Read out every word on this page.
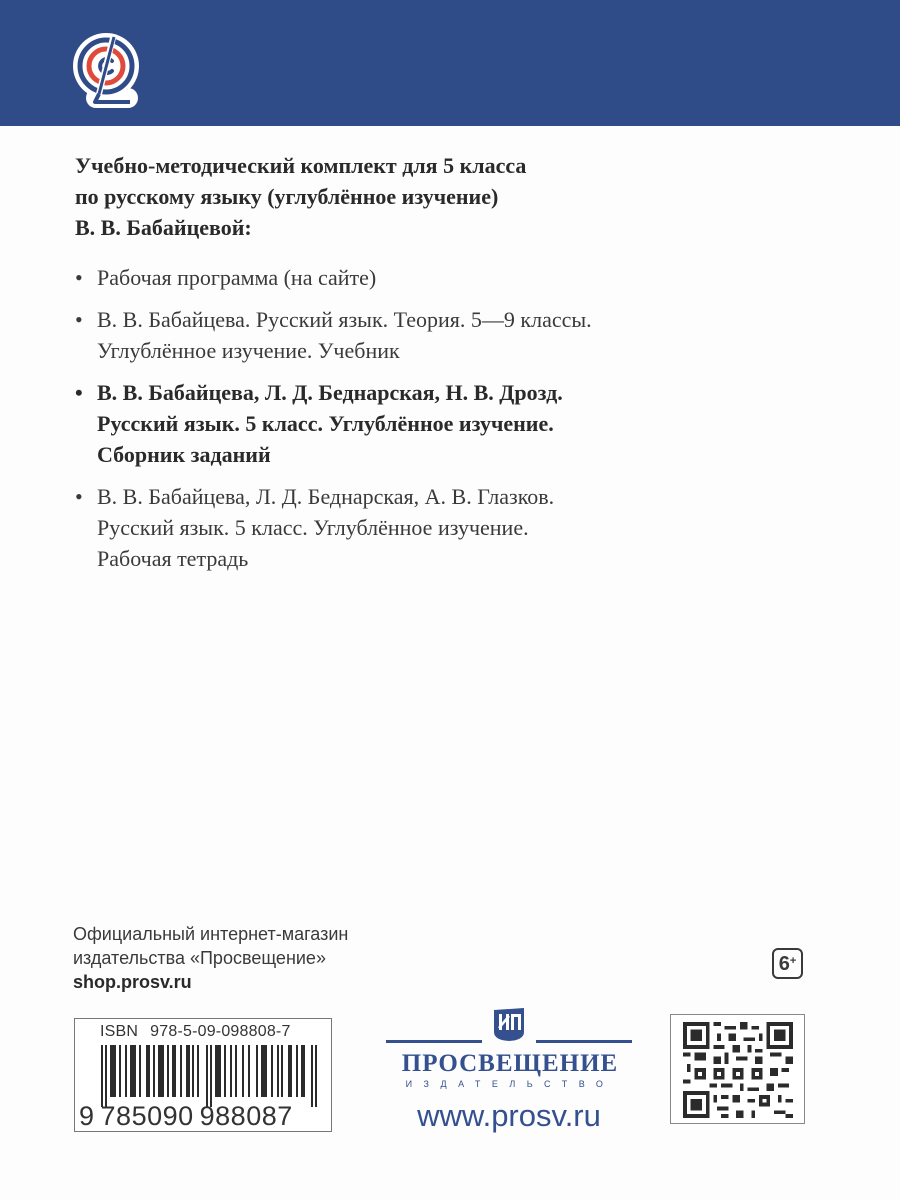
Учебно-методический комплект для 5 класса
по русскому языку (углублённое изучение)
В. В. Бабайцевой:
• Рабочая программа (на сайте)
• В. В. Бабайцева. Русский язык. Теория. 5—9 классы.
Углублённое изучение. Учебник
• В. В. Бабайцева, Л. Д. Беднарская, Н. В. Дрозд.
Русский язык. 5 класс. Углублённое изучение.
Сборник заданий
• В. В. Бабайцева, Л. Д. Беднарская, А. В. Глазков.
Русский язык. 5 класс. Углублённое изучение.
Рабочая тетрадь
Официальный интернет-магазин
издательства «Просвещение»
shop.prosv.ru
6 +
ISBN 978-5-09-098808-7
9 785090 988087
ПРОСВЕЩЕНИЕ
ИЗДАТЕЛЬСТВО
www.prosv.ru
